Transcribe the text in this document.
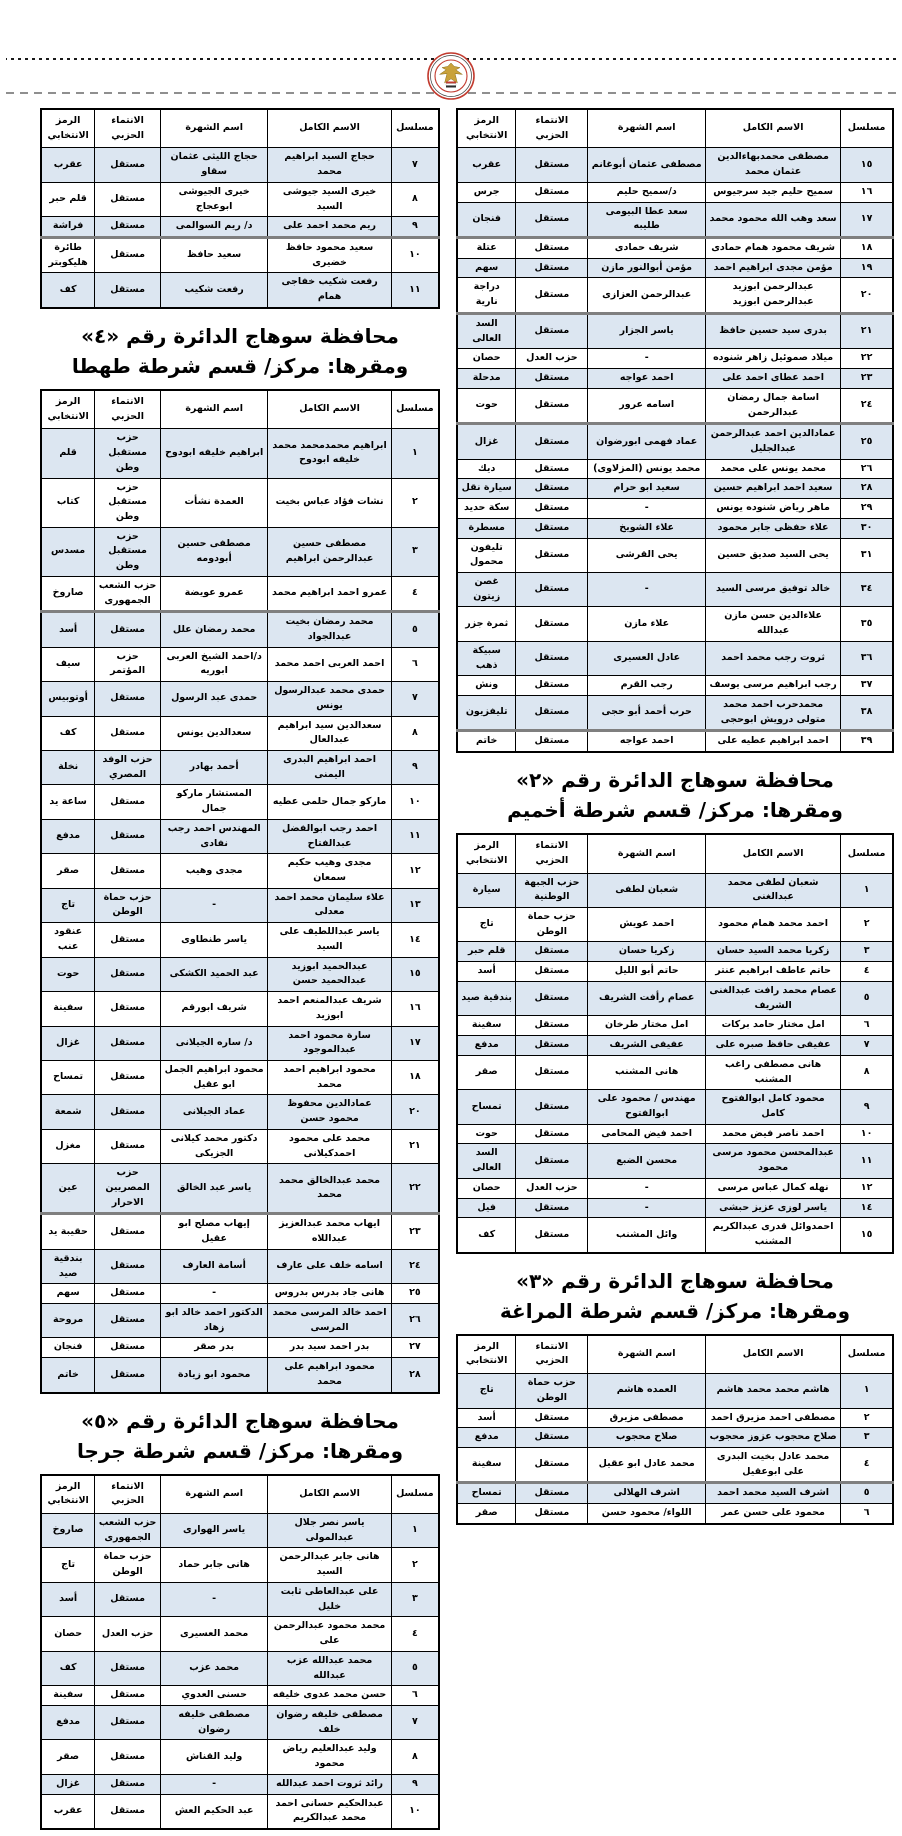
مسلسل	الاسم الكامل	اسم الشهرة	الانتماء الحزبي	الرمز الانتخابي
١٥	مصطفى محمدبهاءالدين عثمان محمد	مصطفى عثمان أبوغانم	مستقل	عقرب
١٦	سميح حليم جيد سرجيوس	د/سميح حليم	مستقل	جرس
١٧	سعد وهب الله محمود محمد	سعد عطا البيومى طليبه	مستقل	فنجان
١٨	شريف محمود همام حمادى	شريف حمادى	مستقل	عتلة
١٩	مؤمن مجدى ابراهيم احمد	مؤمن أبوالنور مازن	مستقل	سهم
٢٠	عبدالرحمن ابوزيد عبدالرحمن ابوزيد	عبدالرحمن العزازى	مستقل	دراجة نارية
٢١	بدرى سيد حسين حافظ	ياسر الجزار	مستقل	السد العالى
٢٢	ميلاد صموئيل زاهر شنوده	-	حزب العدل	حصان
٢٣	احمد عطاى احمد على	احمد عواجه	مستقل	مدحلة
٢٤	اسامة جمال رمضان عبدالرحمن	اسامه عرور	مستقل	حوت
٢٥	عمادالدين احمد عبدالرحمن عبدالجليل	عماد فهمى ابورضوان	مستقل	غزال
٢٦	محمد يونس على محمد	محمد يونس (المزلاوى)	مستقل	ديك
٢٨	سعيد احمد ابراهيم حسين	سعيد ابو حرام	مستقل	سيارة نقل
٢٩	ماهر رياض شنوده يونس	-	مستقل	سكة حديد
٣٠	علاء حفظى جابر محمود	علاء الشويخ	مستقل	مسطرة
٣١	يحى السيد صديق حسين	يحى القرشى	مستقل	تليفون محمول
٣٤	خالد توفيق مرسى السيد	-	مستقل	غصن زيتون
٣٥	علاءالدين حسن مازن عبدالله	علاء مازن	مستقل	ثمرة جزر
٣٦	ثروت رجب محمد احمد	عادل العسيرى	مستقل	سبيكة ذهب
٣٧	رجب ابراهيم مرسى يوسف	رجب القرم	مستقل	ونش
٣٨	محمدحرب احمد محمد متولى درويش ابوحجى	حرب أحمد أبو حجى	مستقل	تليفزيون
٣٩	احمد ابراهيم عطيه على	احمد عواجه	مستقل	خاتم
محافظة سوهاج الدائرة رقم «٢»
ومقرها: مركز/ قسم شرطة أخميم
مسلسل	الاسم الكامل	اسم الشهرة	الانتماء الحزبي	الرمز الانتخابي
١	شعبان لطفى محمد عبدالغنى	شعبان لطفى	حزب الجبهة الوطنية	سيارة
٢	احمد محمد همام محمود	احمد عويش	حزب حماة الوطن	تاج
٣	زكريا محمد السيد حسان	زكريا حسان	مستقل	قلم حبر
٤	حاتم عاطف ابراهيم عنتر	حاتم أبو الليل	مستقل	أسد
٥	عصام محمد رافت عبدالغنى الشريف	عصام رأفت الشريف	مستقل	بندقية صيد
٦	امل مختار حامد بركات	امل مختار طرخان	مستقل	سفينة
٧	عفيفى حافظ صبره على	عفيفى الشريف	مستقل	مدفع
٨	هانى مصطفى راغب المشنب	هانى المشنب	مستقل	صقر
٩	محمود كامل ابوالفتوح كامل	مهندس / محمود على ابوالفتوح	مستقل	تمساح
١٠	احمد ناصر فيض محمد	احمد فيض المحامى	مستقل	حوت
١١	عبدالمحسن محمود مرسى محمود	محسن الضبع	مستقل	السد العالى
١٢	نهله كمال عباس مرسى	-	حزب العدل	حصان
١٤	ياسر لوزى عزيز حبشى	-	مستقل	فيل
١٥	احمدوائل قدرى عبدالكريم المشنب	وائل المشنب	مستقل	كف
محافظة سوهاج الدائرة رقم «٣»
ومقرها: مركز/ قسم شرطة المراغة
مسلسل	الاسم الكامل	اسم الشهرة	الانتماء الحزبي	الرمز الانتخابي
١	هاشم محمد محمد هاشم	العمده هاشم	حزب حماة الوطن	تاج
٢	مصطفى احمد مزيرق احمد	مصطفى مزيرق	مستقل	أسد
٣	صلاح محجوب عزوز محجوب	صلاح محجوب	مستقل	مدفع
٤	محمد عادل بخيت البدرى على ابوعقيل	محمد عادل ابو عقيل	مستقل	سفينة
٥	اشرف السيد محمد احمد	اشرف الهلالى	مستقل	تمساح
٦	محمود على حسن عمر	اللواء/ محمود حسن	مستقل	صقر
مسلسل	الاسم الكامل	اسم الشهرة	الانتماء الحزبي	الرمز الانتخابي
٧	حجاج السيد ابراهيم محمد	حجاج الليثى عثمان سقاو	مستقل	عقرب
٨	خيرى السيد جيوشى السيد	خيرى الجيوشى ابوعجاج	مستقل	قلم حبر
٩	ريم محمد احمد على	د/ ريم السوالمى	مستقل	فراشة
١٠	سعيد محمود حافظ خضيرى	سعيد حافظ	مستقل	طائرة هليكوبتر
١١	رفعت شكيب خفاجى همام	رفعت شكيب	مستقل	كف
محافظة سوهاج الدائرة رقم «٤»
ومقرها: مركز/ قسم شرطة طهطا
مسلسل	الاسم الكامل	اسم الشهرة	الانتماء الحزبي	الرمز الانتخابي
١	ابراهيم محمدمحمد محمد خليفه ابودوح	ابراهيم خليفه ابودوح	حزب مستقبل وطن	قلم
٢	نشات فؤاد عباس بخيت	العمدة نشأت	حزب مستقبل وطن	كتاب
٣	مصطفى حسين عبدالرحمن ابراهيم	مصطفى حسين أبودومه	حزب مستقبل وطن	مسدس
٤	عمرو احمد ابراهيم محمد	عمرو عويضة	حزب الشعب الجمهورى	صاروخ
٥	محمد رمضان بخيت عبدالجواد	محمد رمضان علل	مستقل	أسد
٦	احمد العربى احمد محمد	د/احمد الشيخ العربى ابوريه	حزب المؤتمر	سيف
٧	حمدى محمد عبدالرسول يونس	حمدى عبد الرسول	مستقل	أوتوبيس
٨	سعدالدين سيد ابراهيم عبدالعال	سعدالدين يونس	مستقل	كف
٩	احمد ابراهيم البدرى اليمنى	أحمد بهادر	حزب الوفد المصري	نخلة
١٠	ماركو جمال حلمى عطيه	المستشار ماركو جمال	مستقل	ساعة يد
١١	احمد رجب ابوالفضل عبدالفتاح	المهندس احمد رجب نفادى	مستقل	مدفع
١٢	مجدى وهيب حكيم سمعان	مجدى وهيب	مستقل	صقر
١٣	علاء سليمان محمد احمد معدلى	-	حزب حماة الوطن	تاج
١٤	ياسر عبداللطيف على السيد	ياسر طنطاوى	مستقل	عنقود عنب
١٥	عبدالحميد ابوزيد عبدالحميد حسن	عبد الحميد الكشكى	مستقل	حوت
١٦	شريف عبدالمنعم احمد ابوزيد	شريف ابورقم	مستقل	سفينة
١٧	سارة محمود احمد عبدالموجود	د/ ساره الجيلانى	مستقل	غزال
١٨	محمود ابراهيم احمد محمد	محمود ابراهيم الجمل ابو عقيل	مستقل	تمساح
٢٠	عمادالدين محفوظ محمود حسن	عماد الجيلانى	مستقل	شمعة
٢١	محمد على محمود احمدكيلانى	دكتور محمد كيلانى الجزيكى	مستقل	مغزل
٢٢	محمد عبدالخالق محمد محمد	ياسر عبد الخالق	حزب المصريين الاحرار	عين
٢٣	ايهاب محمد عبدالعزيز عبداللاه	إيهاب مصلح ابو عقيل	مستقل	حقيبة يد
٢٤	اسامه خلف على عارف	أسامة العارف	مستقل	بندقية صيد
٢٥	هانى جاد بدرس بدروس	-	مستقل	سهم
٢٦	احمد خالد المرسى محمد المرسى	الدكتور احمد خالد ابو زهاد	مستقل	مروحة
٢٧	بدر احمد سيد بدر	بدر صقر	مستقل	فنجان
٢٨	محمود ابراهيم على محمد	محمود ابو زيادة	مستقل	خاتم
محافظة سوهاج الدائرة رقم «٥»
ومقرها: مركز/ قسم شرطة جرجا
مسلسل	الاسم الكامل	اسم الشهرة	الانتماء الحزبي	الرمز الانتخابي
١	ياسر نصر جلال عبدالمولى	ياسر الهوارى	حزب الشعب الجمهورى	صاروخ
٢	هانى جابر عبدالرحمن السيد	هانى جابر حماد	حزب حماة الوطن	تاج
٣	على عبدالعاطى ثابت خليل	-	مستقل	أسد
٤	محمد محمود عبدالرحمن على	محمد العسيرى	حزب العدل	حصان
٥	محمد عبدالله عزب عبدالله	محمد عزب	مستقل	كف
٦	حسن محمد عدوى خليفه	حسنى العدوي	مستقل	سفينة
٧	مصطفى خليفه رضوان خلف	مصطفى خليفه رضوان	مستقل	مدفع
٨	وليد عبدالعليم رياض محمود	وليد القناش	مستقل	صقر
٩	رائد ثروت احمد عبدالله	-	مستقل	غزال
١٠	عبدالحكيم حسانى احمد محمد عبدالكريم	عبد الحكيم العش	مستقل	عقرب
